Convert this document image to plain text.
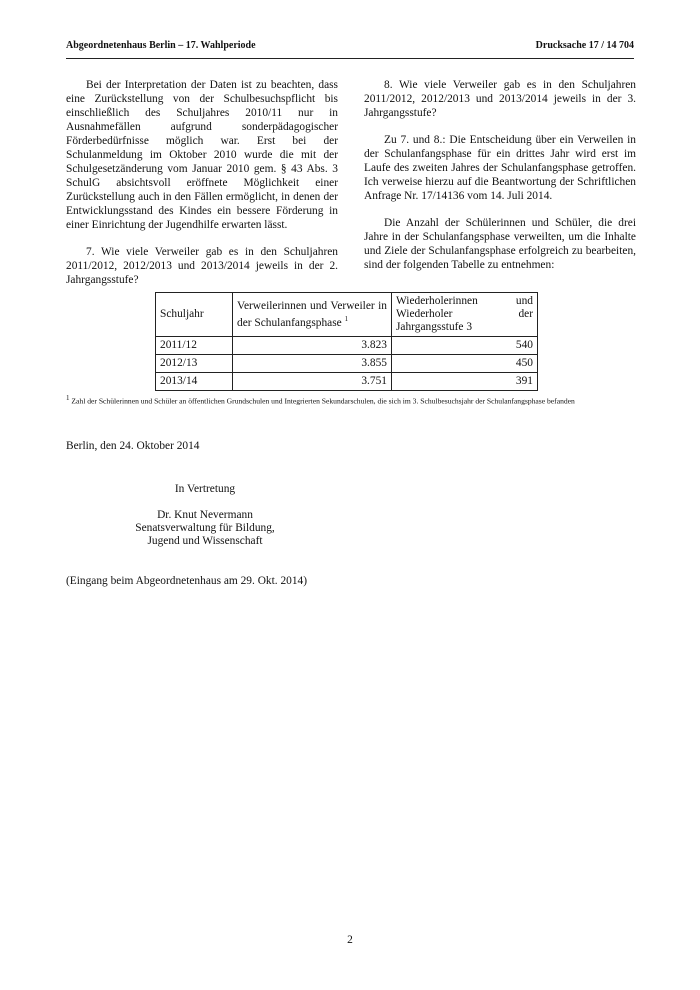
Abgeordnetenhaus Berlin – 17. Wahlperiode	Drucksache 17 / 14 704

Bei der Interpretation der Daten ist zu beachten, dass eine Zurückstellung von der Schulbesuchspflicht bis einschließlich des Schuljahres 2010/11 nur in Ausnahmefällen aufgrund sonderpädagogischer Förderbedürfnisse möglich war. Erst bei der Schulanmeldung im Oktober 2010 wurde die mit der Schulgesetzänderung vom Januar 2010 gem. § 43 Abs. 3 SchulG absichtsvoll eröffnete Möglichkeit einer Zurückstellung auch in den Fällen ermöglicht, in denen der Entwicklungsstand des Kindes ein bessere Förderung in einer Einrichtung der Jugendhilfe erwarten lässt.

7. Wie viele Verweiler gab es in den Schuljahren 2011/2012, 2012/2013 und 2013/2014 jeweils in der 2. Jahrgangsstufe?

8. Wie viele Verweiler gab es in den Schuljahren 2011/2012, 2012/2013 und 2013/2014 jeweils in der 3. Jahrgangsstufe?

Zu 7. und 8.: Die Entscheidung über ein Verweilen in der Schulanfangsphase für ein drittes Jahr wird erst im Laufe des zweiten Jahres der Schulanfangsphase getroffen. Ich verweise hierzu auf die Beantwortung der Schriftlichen Anfrage Nr. 17/14136 vom 14. Juli 2014.

Die Anzahl der Schülerinnen und Schüler, die drei Jahre in der Schulanfangsphase verweilten, um die Inhalte und Ziele der Schulanfangsphase erfolgreich zu bearbeiten, sind der folgenden Tabelle zu entnehmen:

Schuljahr	Verweilerinnen und Verweiler in der Schulanfangsphase $^1$	Wiederholerinnen und Wiederholer der Jahrgangsstufe 3
2011/12	3.823	540
2012/13	3.855	450
2013/14	3.751	391
$^1$ Zahl der Schülerinnen und Schüler an öffentlichen Grundschulen und Integrierten Sekundarschulen, die sich im 3. Schulbesuchsjahr der Schulanfangsphase befanden
Berlin, den 24. Oktober 2014
In Vertretung
Dr. Knut Nevermann
Senatsverwaltung für Bildung,
Jugend und Wissenschaft
(Eingang beim Abgeordnetenhaus am 29. Okt. 2014)
2
